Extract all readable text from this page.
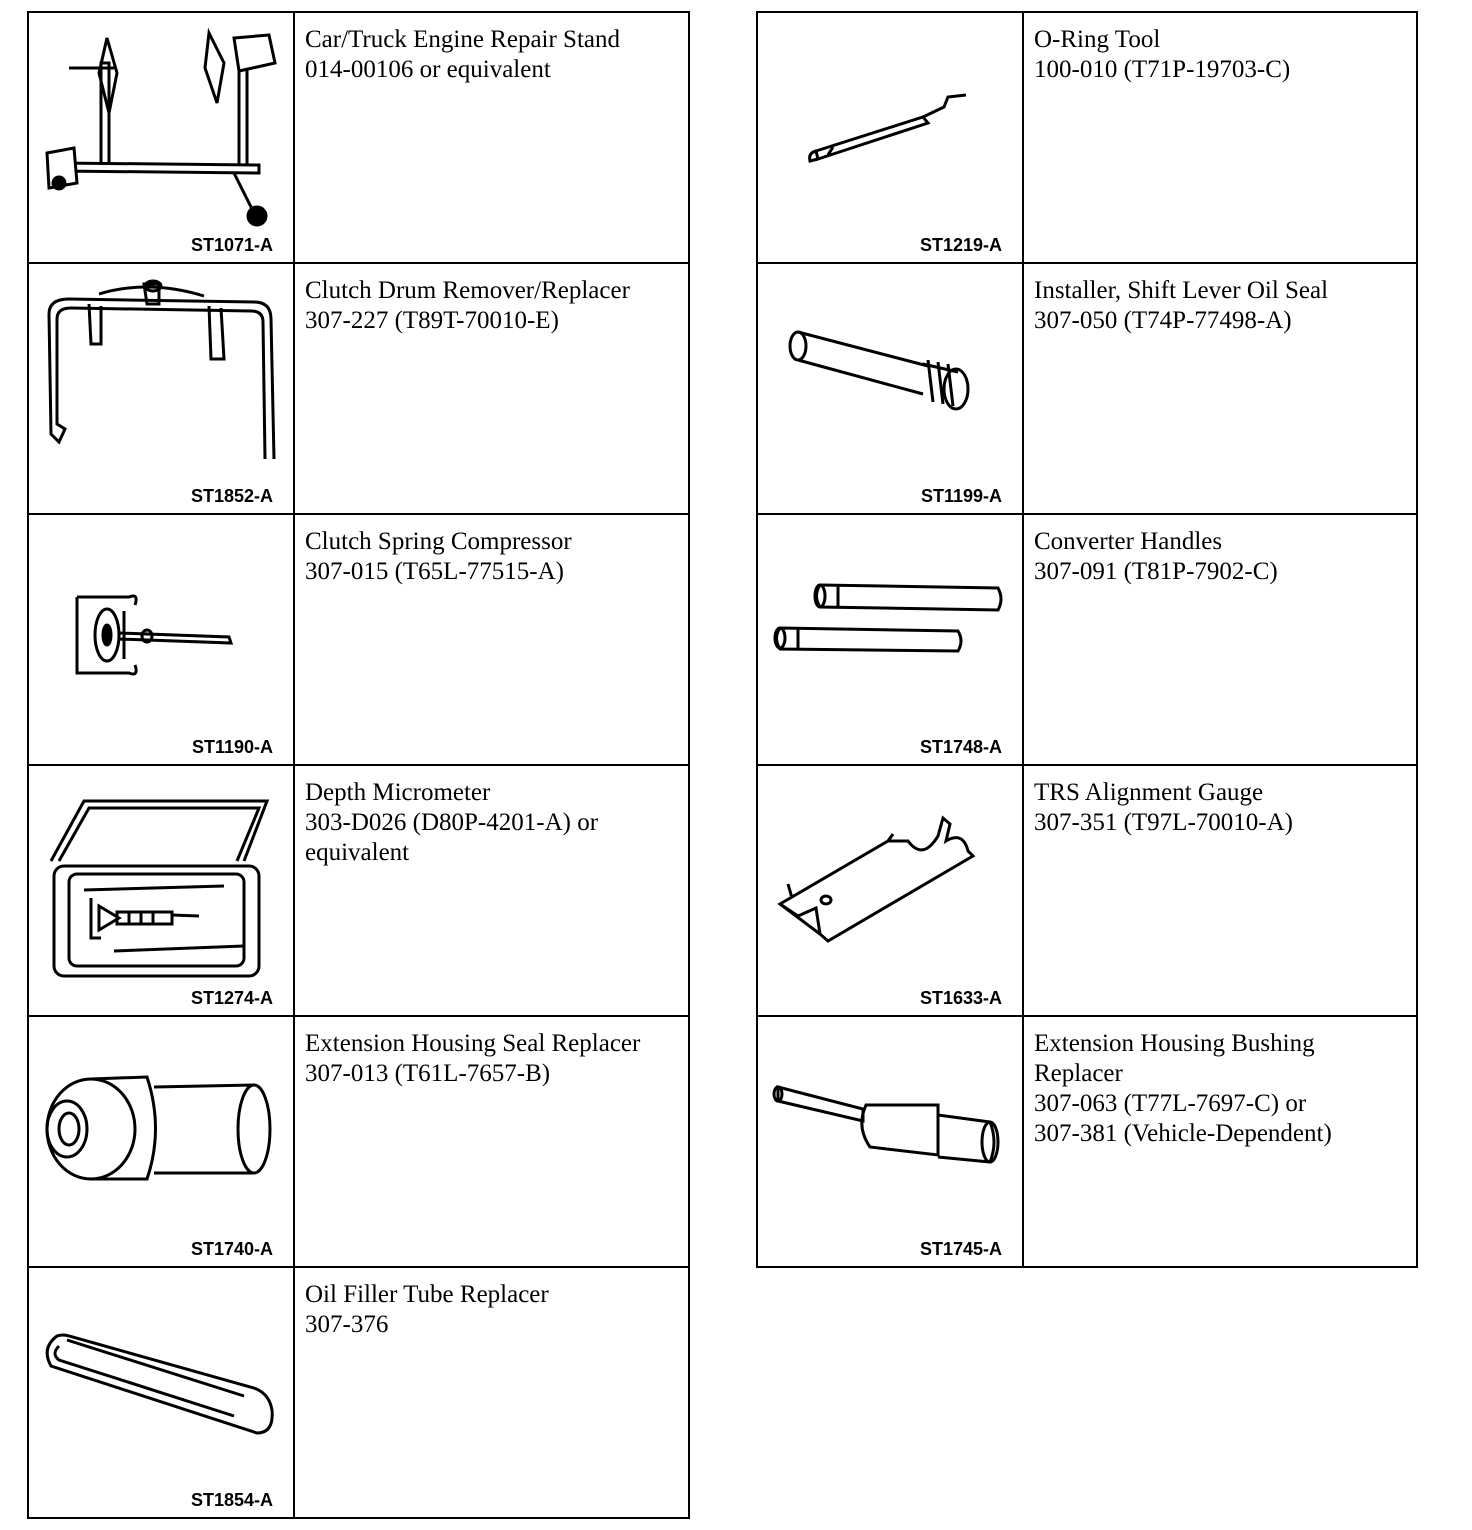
ST1071-A	Car/Truck Engine Repair Stand
014-00106 or equivalent

ST1852-A	Clutch Drum Remover/Replacer
307-227 (T89T-70010-E)

ST1190-A	Clutch Spring Compressor
307-015 (T65L-77515-A)

ST1274-A	Depth Micrometer
303-D026 (D80P-4201-A) or
equivalent

ST1740-A	Extension Housing Seal Replacer
307-013 (T61L-7657-B)

ST1854-A	Oil Filler Tube Replacer
307-376
ST1219-A	O-Ring Tool
100-010 (T71P-19703-C)

ST1199-A	Installer, Shift Lever Oil Seal
307-050 (T74P-77498-A)

ST1748-A	Converter Handles
307-091 (T81P-7902-C)

ST1633-A	TRS Alignment Gauge
307-351 (T97L-70010-A)

ST1745-A	Extension Housing Bushing
Replacer
307-063 (T77L-7697-C) or
307-381 (Vehicle-Dependent)
